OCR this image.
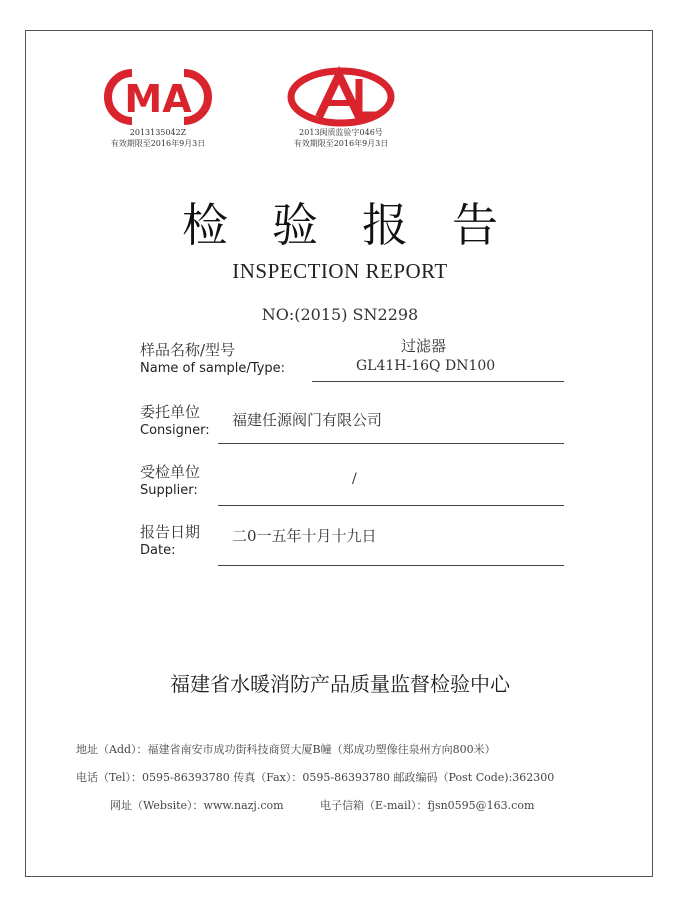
MA
2013135042Z
有效期限至2016年9月3日
2013闽质监验字046号
有效期限至2016年9月3日
检验报告
INSPECTION REPORT
NO:(2015) SN2298
样品名称/型号
Name of sample/Type:
过滤器
GL41H-16Q DN100
委托单位
Consigner:
福建任源阀门有限公司
受检单位
Supplier:
/
报告日期
Date:
二0一五年十月十九日
福建省水暖消防产品质量监督检验中心
地址（Add）：福建省南安市成功街科技商贸大厦B幢（郑成功塑像往泉州方向800米）
电话（Tel）：0595-86393780 传真（Fax）：0595-86393780 邮政编码（Post Code):362300
网址（Website）：www.nazj.com	电子信箱（E-mail）：fjsn0595@163.com
